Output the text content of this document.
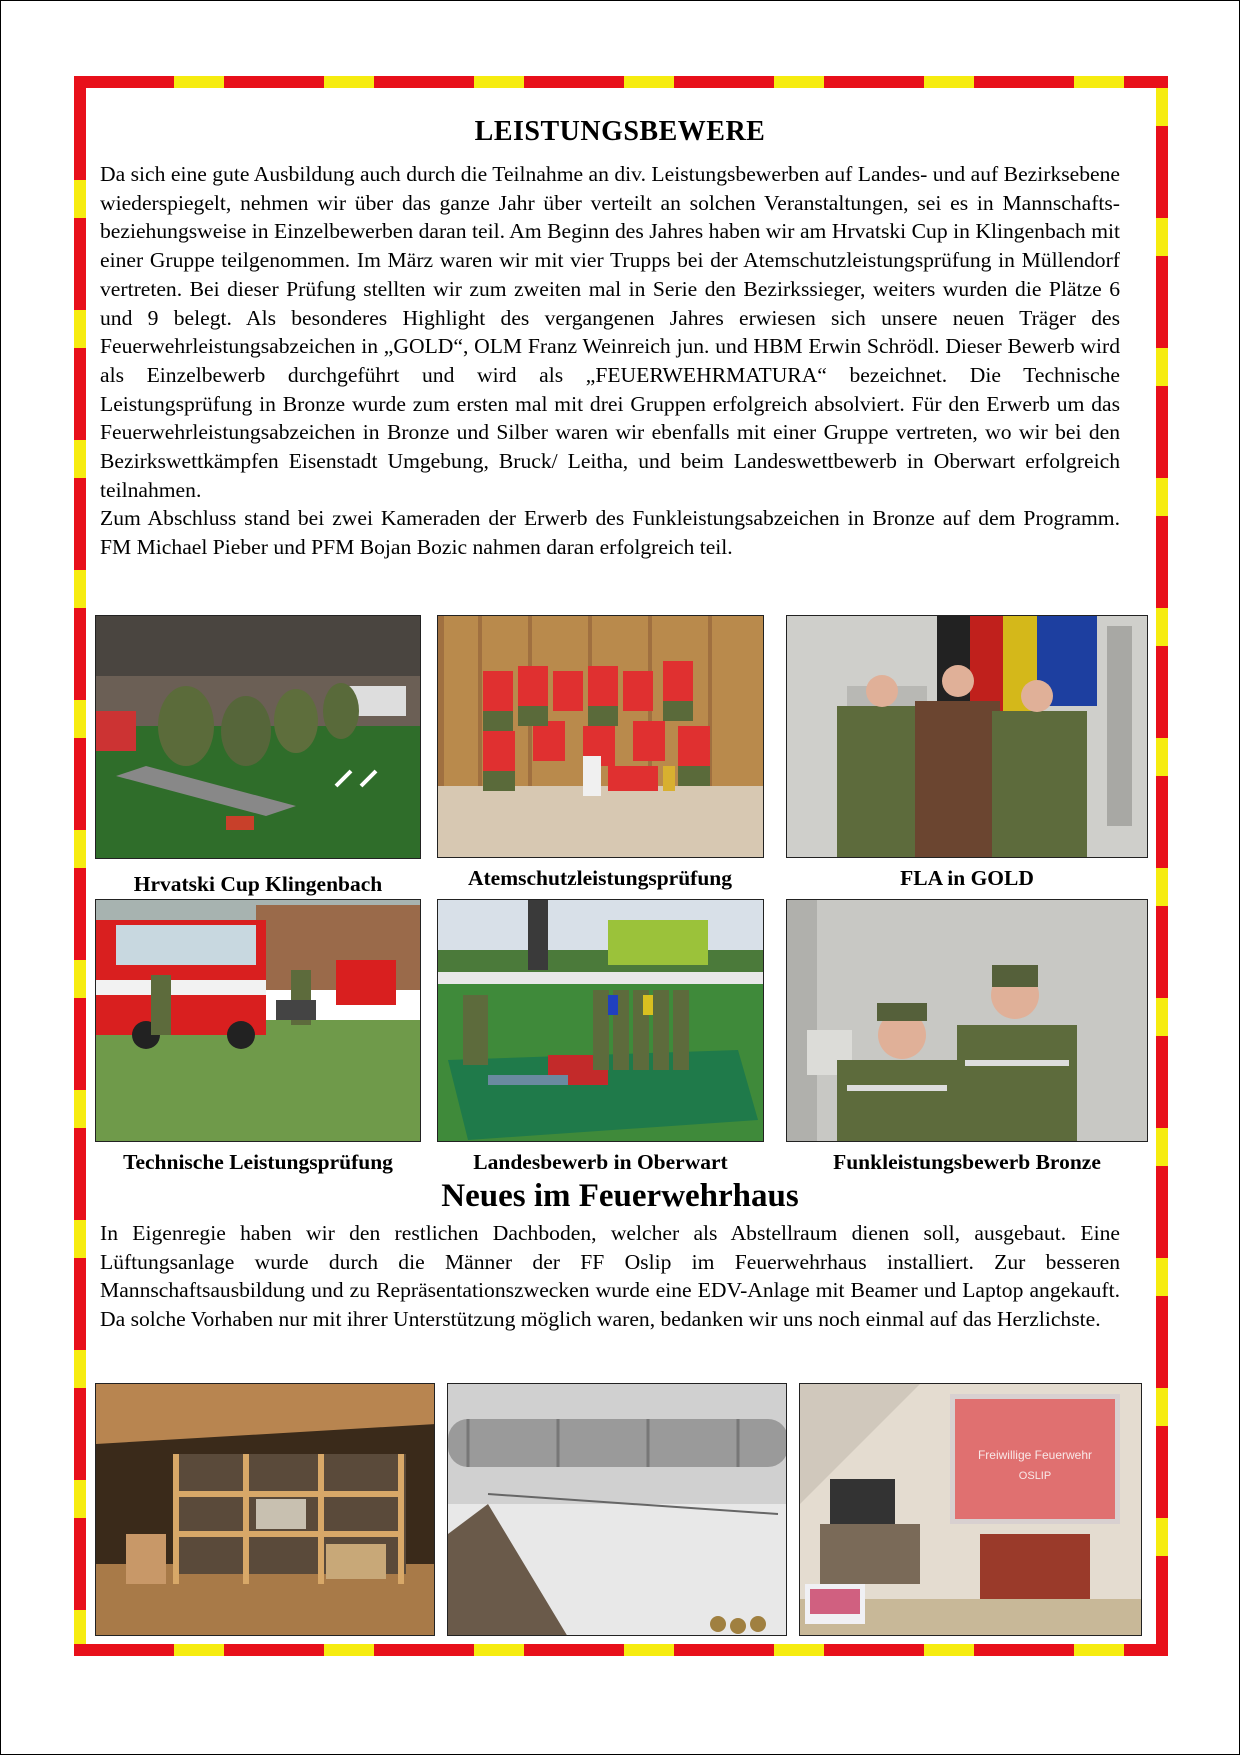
LEISTUNGSBEWERE

Da sich eine gute Ausbildung auch durch die Teilnahme an div. Leistungsbewerben auf Landes- und auf Bezirksebene wiederspiegelt, nehmen wir über das ganze Jahr über verteilt an solchen Veranstaltungen, sei es in Mannschafts- beziehungsweise in Einzelbewerben daran teil. Am Beginn des Jahres haben wir am Hrvatski Cup in Klingenbach mit einer Gruppe teilgenommen. Im März waren wir mit vier Trupps bei der Atemschutzleistungsprüfung in Müllendorf vertreten. Bei dieser Prüfung stellten wir zum zweiten mal in Serie den Bezirkssieger, weiters wurden die Plätze 6 und 9 belegt. Als besonderes Highlight des vergangenen Jahres erwiesen sich unsere neuen Träger des Feuerwehrleistungsabzeichen in „GOLD“, OLM Franz Weinreich jun. und HBM Erwin Schrödl. Dieser Bewerb wird als Einzelbewerb durchgeführt und wird als „FEUERWEHRMATURA“ bezeichnet. Die Technische Leistungsprüfung in Bronze wurde zum ersten mal mit drei Gruppen erfolgreich absolviert. Für den Erwerb um das Feuerwehrleistungsabzeichen in Bronze und Silber waren wir ebenfalls mit einer Gruppe vertreten, wo wir bei den Bezirkswettkämpfen Eisenstadt Umgebung, Bruck/ Leitha, und beim Landeswettbewerb in Oberwart erfolgreich teilnahmen.

Zum Abschluss stand bei zwei Kameraden der Erwerb des Funkleistungsabzeichen in Bronze auf dem Programm. FM Michael Pieber und PFM Bojan Bozic nahmen daran erfolgreich teil.

Hrvatski Cup Klingenbach	Atemschutzleistungsprüfung	FLA in GOLD
Technische Leistungsprüfung	Landesbewerb in Oberwart	Funkleistungsbewerb Bronze
Neues im Feuerwehrhaus

In Eigenregie haben wir den restlichen Dachboden, welcher als Abstellraum dienen soll, ausgebaut. Eine Lüftungsanlage wurde durch die Männer der FF Oslip im Feuerwehrhaus installiert. Zur besseren Mannschaftsausbildung und zu Repräsentationszwecken wurde eine EDV-Anlage mit Beamer und Laptop angekauft. Da solche Vorhaben nur mit ihrer Unterstützung möglich waren, bedanken wir uns noch einmal auf das Herzlichste.

Freiwillige Feuerwehr
OSLIP
